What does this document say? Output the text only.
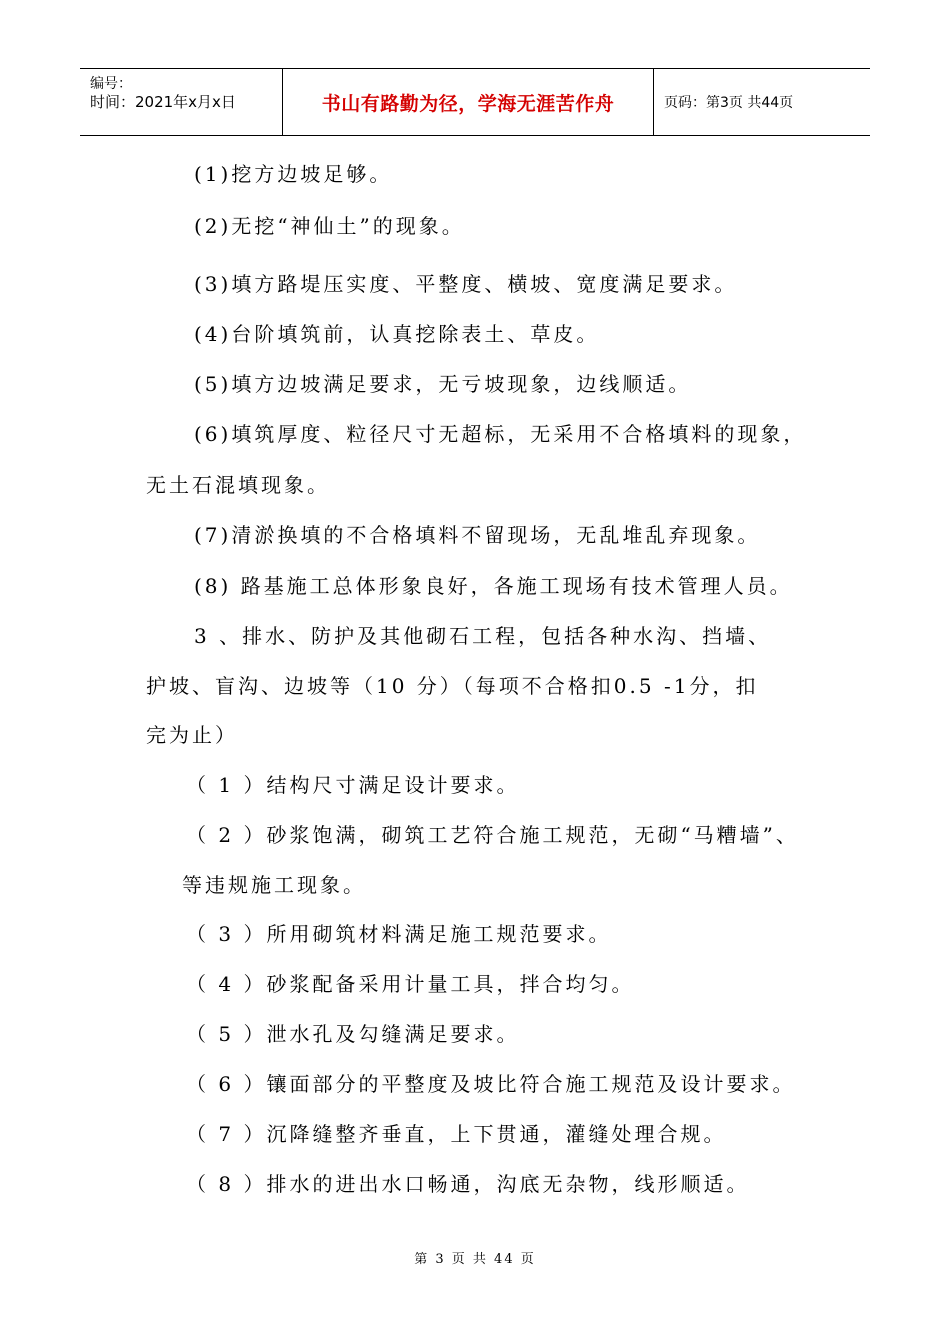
编号：
时间：2021年x月x日	书山有路勤为径，学海无涯苦作舟	页码：第3页 共44页
(1)挖方边坡足够。
(2)无挖“神仙土”的现象。
(3)填方路堤压实度、平整度、横坡、宽度满足要求。
(4)台阶填筑前，认真挖除表土、草皮。
(5)填方边坡满足要求，无亏坡现象，边线顺适。
(6)填筑厚度、粒径尺寸无超标，无采用不合格填料的现象，
无土石混填现象。
(7)清淤换填的不合格填料不留现场，无乱堆乱弃现象。
(8) 路基施工总体形象良好，各施工现场有技术管理人员。
3 、排水、防护及其他砌石工程，包括各种水沟、挡墙、
护坡、盲沟、边坡等（10 分）（每项不合格扣0.5 -1分，扣
完为止）
（ 1 ）结构尺寸满足设计要求。
（ 2 ）砂浆饱满，砌筑工艺符合施工规范，无砌“马糟墙”、
等违规施工现象。
（ 3 ）所用砌筑材料满足施工规范要求。
（ 4 ）砂浆配备采用计量工具，拌合均匀。
（ 5 ）泄水孔及勾缝满足要求。
（ 6 ）镶面部分的平整度及坡比符合施工规范及设计要求。
（ 7 ）沉降缝整齐垂直，上下贯通，灌缝处理合规。
（ 8 ）排水的进出水口畅通，沟底无杂物，线形顺适。
第 3 页 共 44 页
